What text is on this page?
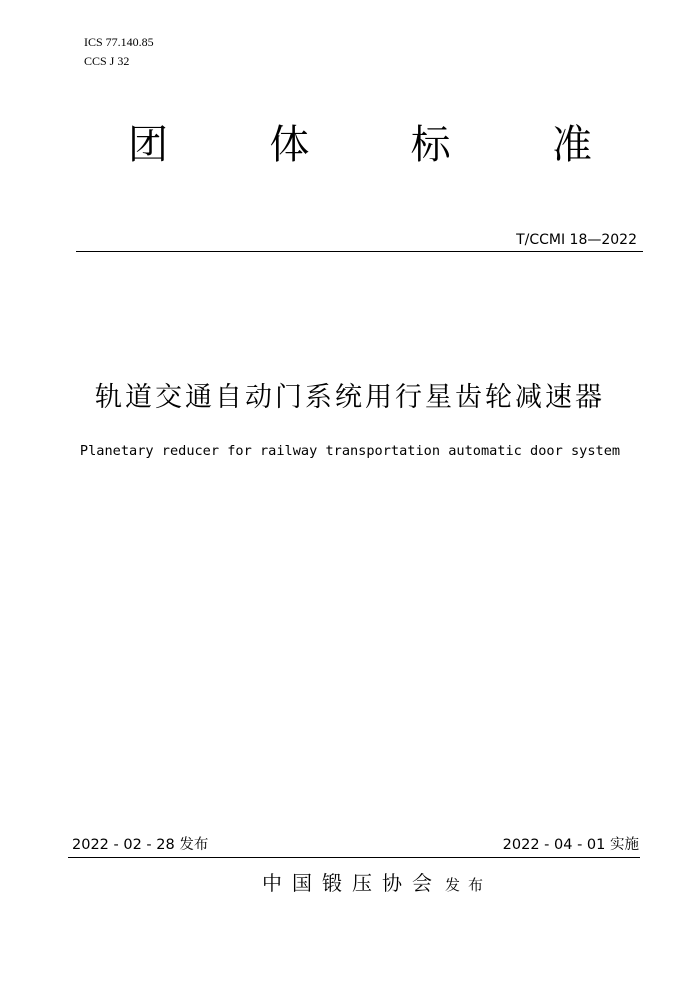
ICS 77.140.85
CCS J 32
团	体	标	准
T/CCMI 18—2022
轨道交通自动门系统用行星齿轮减速器
Planetary reducer for railway transportation automatic door system
2022 - 02 - 28 发布	2022 - 04 - 01 实施
中国锻压协会 发布
